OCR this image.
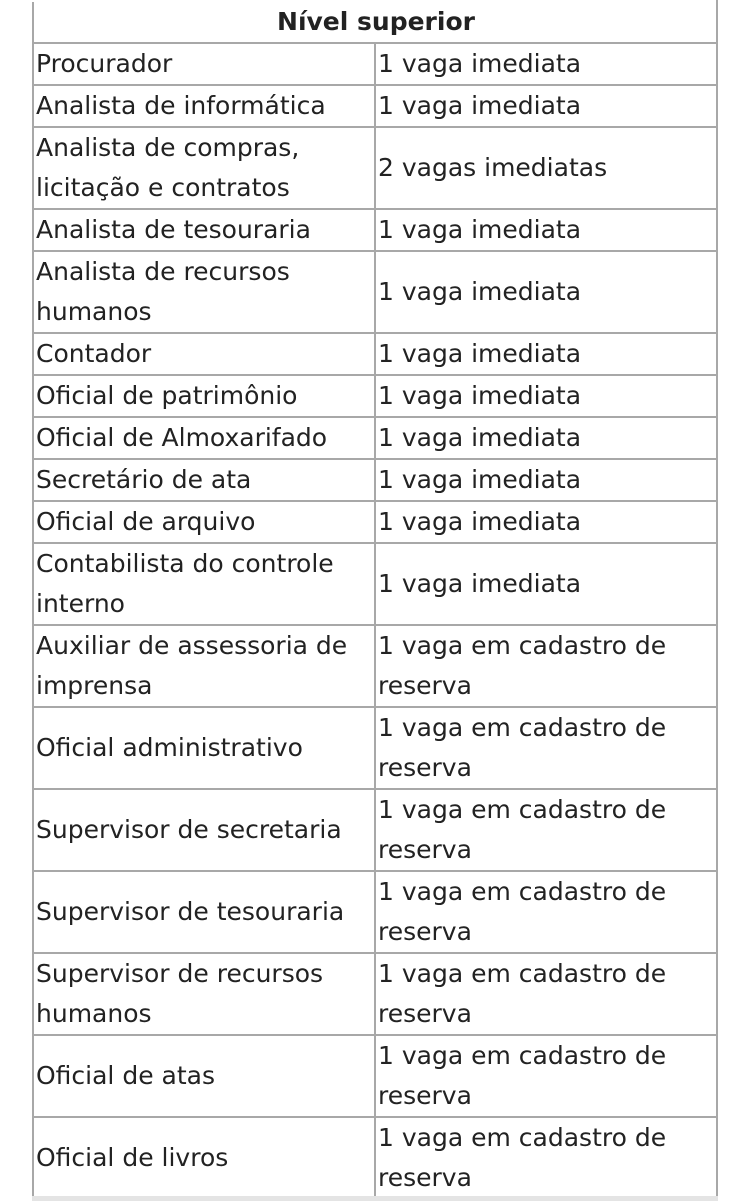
Nível superior	
Procurador	1 vaga imediata
Analista de informática	1 vaga imediata
Analista de compras, licitação e contratos	2 vagas imediatas
Analista de tesouraria	1 vaga imediata
Analista de recursos humanos	1 vaga imediata
Contador	1 vaga imediata
Oficial de patrimônio	1 vaga imediata
Oficial de Almoxarifado	1 vaga imediata
Secretário de ata	1 vaga imediata
Oficial de arquivo	1 vaga imediata
Contabilista do controle interno	1 vaga imediata
Auxiliar de assessoria de imprensa	1 vaga em cadastro de reserva
Oficial administrativo	1 vaga em cadastro de reserva
Supervisor de secretaria	1 vaga em cadastro de reserva
Supervisor de tesouraria	1 vaga em cadastro de reserva
Supervisor de recursos humanos	1 vaga em cadastro de reserva
Oficial de atas	1 vaga em cadastro de reserva
Oficial de livros	1 vaga em cadastro de reserva
